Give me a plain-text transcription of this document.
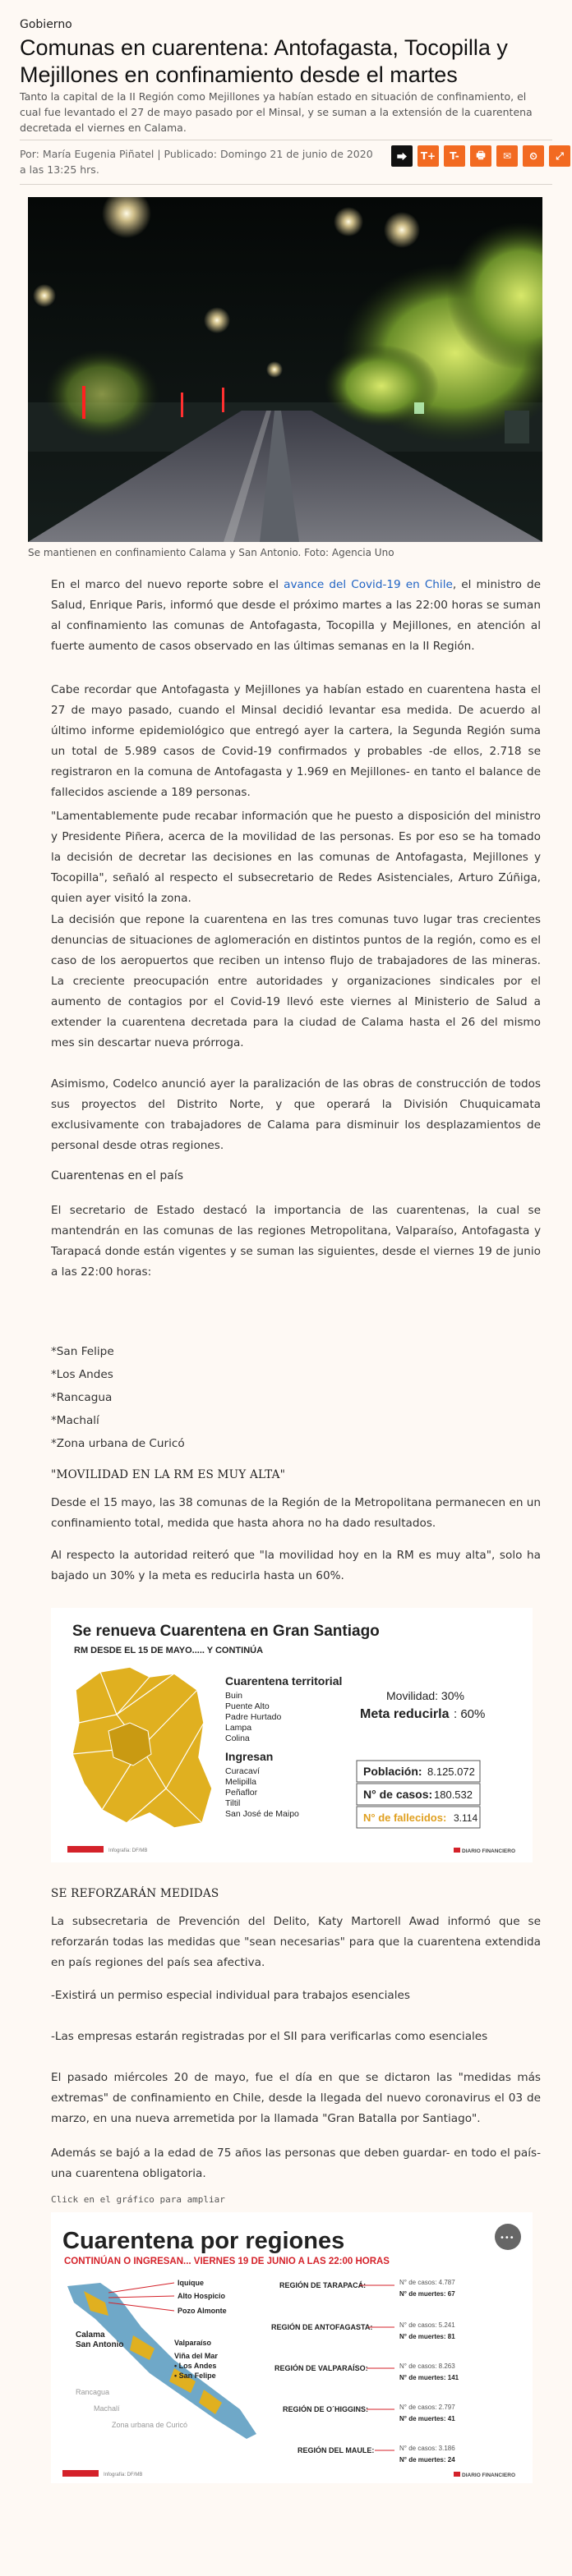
Gobierno
Comunas en cuarentena: Antofagasta, Tocopilla y Mejillones en confinamiento desde el martes

Tanto la capital de la II Región como Mejillones ya habían estado en situación de confinamiento, el cual fue levantado el 27 de mayo pasado por el Minsal, y se suman a la extensión de la cuarentena decretada el viernes en Calama.

Por: María Eugenia Piñatel | Publicado: Domingo 21 de junio de 2020 a las 13:25 hrs.
⮕	T+	T-	🖶	✉	⏲	⤢
Se mantienen en confinamiento Calama y San Antonio. Foto: Agencia Uno

En el marco del nuevo reporte sobre el avance del Covid-19 en Chile, el ministro de Salud, Enrique Paris, informó que desde el próximo martes a las 22:00 horas se suman al confinamiento las comunas de Antofagasta, Tocopilla y Mejillones, en atención al fuerte aumento de casos observado en las últimas semanas en la II Región.

Cabe recordar que Antofagasta y Mejillones ya habían estado en cuarentena hasta el 27 de mayo pasado, cuando el Minsal decidió levantar esa medida. De acuerdo al último informe epidemiológico que entregó ayer la cartera, la Segunda Región suma un total de 5.989 casos de Covid-19 confirmados y probables -de ellos, 2.718 se registraron en la comuna de Antofagasta y 1.969 en Mejillones- en tanto el balance de fallecidos asciende a 189 personas.

"Lamentablemente pude recabar información que he puesto a disposición del ministro y Presidente Piñera, acerca de la movilidad de las personas. Es por eso se ha tomado la decisión de decretar las decisiones en las comunas de Antofagasta, Mejillones y Tocopilla", señaló al respecto el subsecretario de Redes Asistenciales, Arturo Zúñiga, quien ayer visitó la zona.

La decisión que repone la cuarentena en las tres comunas tuvo lugar tras crecientes denuncias de situaciones de aglomeración en distintos puntos de la región, como es el caso de los aeropuertos que reciben un intenso flujo de trabajadores de las mineras. La creciente preocupación entre autoridades y organizaciones sindicales por el aumento de contagios por el Covid-19 llevó este viernes al Ministerio de Salud a extender la cuarentena decretada para la ciudad de Calama hasta el 26 del mismo mes sin descartar nueva prórroga.

Asimismo, Codelco anunció ayer la paralización de las obras de construcción de todos sus proyectos del Distrito Norte, y que operará la División Chuquicamata exclusivamente con trabajadores de Calama para disminuir los desplazamientos de personal desde otras regiones.

Cuarentenas en el país

El secretario de Estado destacó la importancia de las cuarentenas, la cual se mantendrán en las comunas de las regiones Metropolitana, Valparaíso, Antofagasta y Tarapacá donde están vigentes y se suman las siguientes, desde el viernes 19 de junio a las 22:00 horas:

*San Felipe
*Los Andes
*Rancagua
*Machalí
*Zona urbana de Curicó
"MOVILIDAD EN LA RM ES MUY ALTA"

Desde el 15 mayo, las 38 comunas de la Región de la Metropolitana permanecen en un confinamiento total, medida que hasta ahora no ha dado resultados.

Al respecto la autoridad reiteró que "la movilidad hoy en la RM es muy alta", solo ha bajado un 30% y la meta es reducirla hasta un 60%.

Se renueva Cuarentena en Gran Santiago
RM DESDE EL 15 DE MAYO..... Y CONTINÚA
Cuarentena territorial
Buin
Puente Alto
Padre Hurtado
Lampa
Colina
Ingresan
Curacaví
Melipilla
Peñaflor
Tiltil
San José de Maipo
Movilidad: 30%
Meta reducirla : 60%
Población: 8.125.072
N° de casos: 180.532
N° de fallecidos: 3.114
Infografía: DF/MB	DIARIO FINANCIERO
SE REFORZARÁN MEDIDAS

La subsecretaria de Prevención del Delito, Katy Martorell Awad informó que se reforzarán todas las medidas que "sean necesarias" para que la cuarentena extendida en país regiones del país sea afectiva.

-Existirá un permiso especial individual para trabajos esenciales

-Las empresas estarán registradas por el SII para verificarlas como esenciales

El pasado miércoles 20 de mayo, fue el día en que se dictaron las "medidas más extremas" de confinamiento en Chile, desde la llegada del nuevo coronavirus el 03 de marzo, en una nueva arremetida por la llamada "Gran Batalla por Santiago".

Además se bajó a la edad de 75 años las personas que deben guardar- en todo el país- una cuarentena obligatoria.

Click en el gráfico para ampliar
Cuarentena por regiones
CONTINÚAN O INGRESAN... VIERNES 19 DE JUNIO A LAS 22:00 HORAS
•••
Iquique
Alto Hospicio
Pozo Almonte
Calama
San Antonio	Valparaíso
Viña del Mar
• Los Andes
• San Felipe
Rancagua
Machalí
Zona urbana de Curicó
REGIÓN DE TARAPACÁ:	N° de casos: 4.787
N° de muertes: 67
REGIÓN DE ANTOFAGASTA:	N° de casos: 5.241
N° de muertes: 81
REGIÓN DE VALPARAÍSO:	N° de casos: 8.263
N° de muertes: 141
REGIÓN DE O´HIGGINS:	N° de casos: 2.797
N° de muertes: 41
REGIÓN DEL MAULE:	N° de casos: 3.186
N° de muertes: 24
Infografía: DF/MB	DIARIO FINANCIERO
